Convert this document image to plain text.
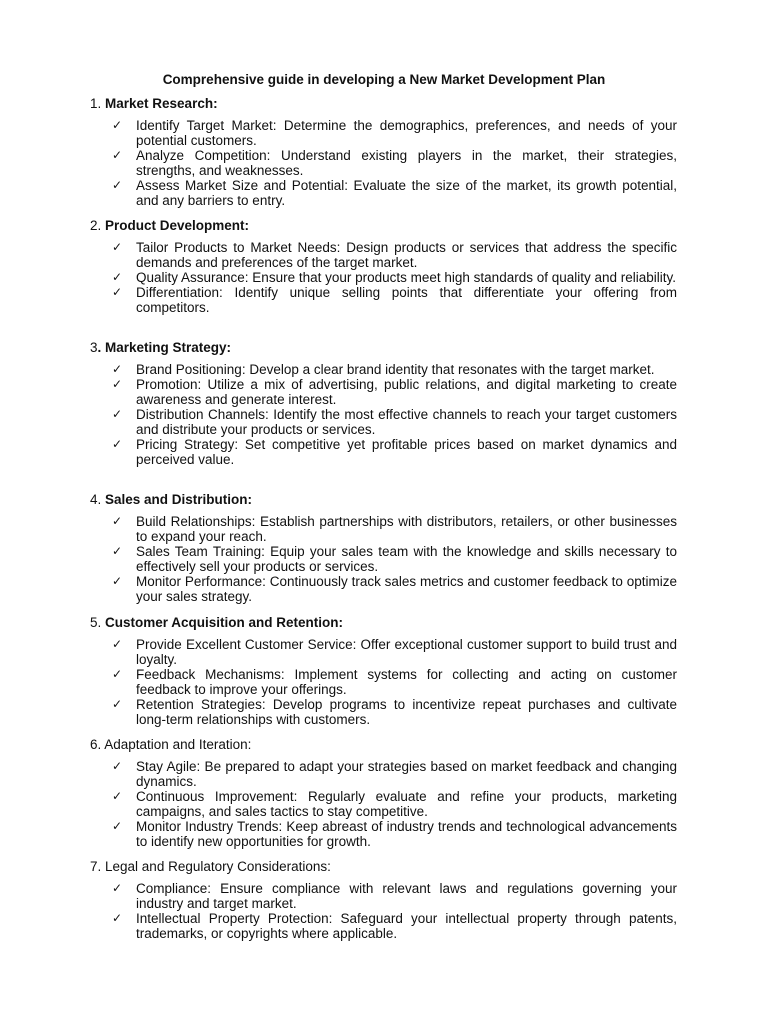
Comprehensive guide in developing a New Market Development Plan
1. Market Research:
✓ Identify Target Market: Determine the demographics, preferences, and needs of your potential customers.
✓ Analyze Competition: Understand existing players in the market, their strategies, strengths, and weaknesses.
✓ Assess Market Size and Potential: Evaluate the size of the market, its growth potential, and any barriers to entry.
2. Product Development:
✓ Tailor Products to Market Needs: Design products or services that address the specific demands and preferences of the target market.
✓ Quality Assurance: Ensure that your products meet high standards of quality and reliability.
✓ Differentiation: Identify unique selling points that differentiate your offering from competitors.
3. Marketing Strategy:
✓ Brand Positioning: Develop a clear brand identity that resonates with the target market.
✓ Promotion: Utilize a mix of advertising, public relations, and digital marketing to create awareness and generate interest.
✓ Distribution Channels: Identify the most effective channels to reach your target customers and distribute your products or services.
✓ Pricing Strategy: Set competitive yet profitable prices based on market dynamics and perceived value.
4. Sales and Distribution:
✓ Build Relationships: Establish partnerships with distributors, retailers, or other businesses to expand your reach.
✓ Sales Team Training: Equip your sales team with the knowledge and skills necessary to effectively sell your products or services.
✓ Monitor Performance: Continuously track sales metrics and customer feedback to optimize your sales strategy.
5. Customer Acquisition and Retention:
✓ Provide Excellent Customer Service: Offer exceptional customer support to build trust and loyalty.
✓ Feedback Mechanisms: Implement systems for collecting and acting on customer feedback to improve your offerings.
✓ Retention Strategies: Develop programs to incentivize repeat purchases and cultivate long-term relationships with customers.
6. Adaptation and Iteration:
✓ Stay Agile: Be prepared to adapt your strategies based on market feedback and changing dynamics.
✓ Continuous Improvement: Regularly evaluate and refine your products, marketing campaigns, and sales tactics to stay competitive.
✓ Monitor Industry Trends: Keep abreast of industry trends and technological advancements to identify new opportunities for growth.
7. Legal and Regulatory Considerations:
✓ Compliance: Ensure compliance with relevant laws and regulations governing your industry and target market.
✓ Intellectual Property Protection: Safeguard your intellectual property through patents, trademarks, or copyrights where applicable.
